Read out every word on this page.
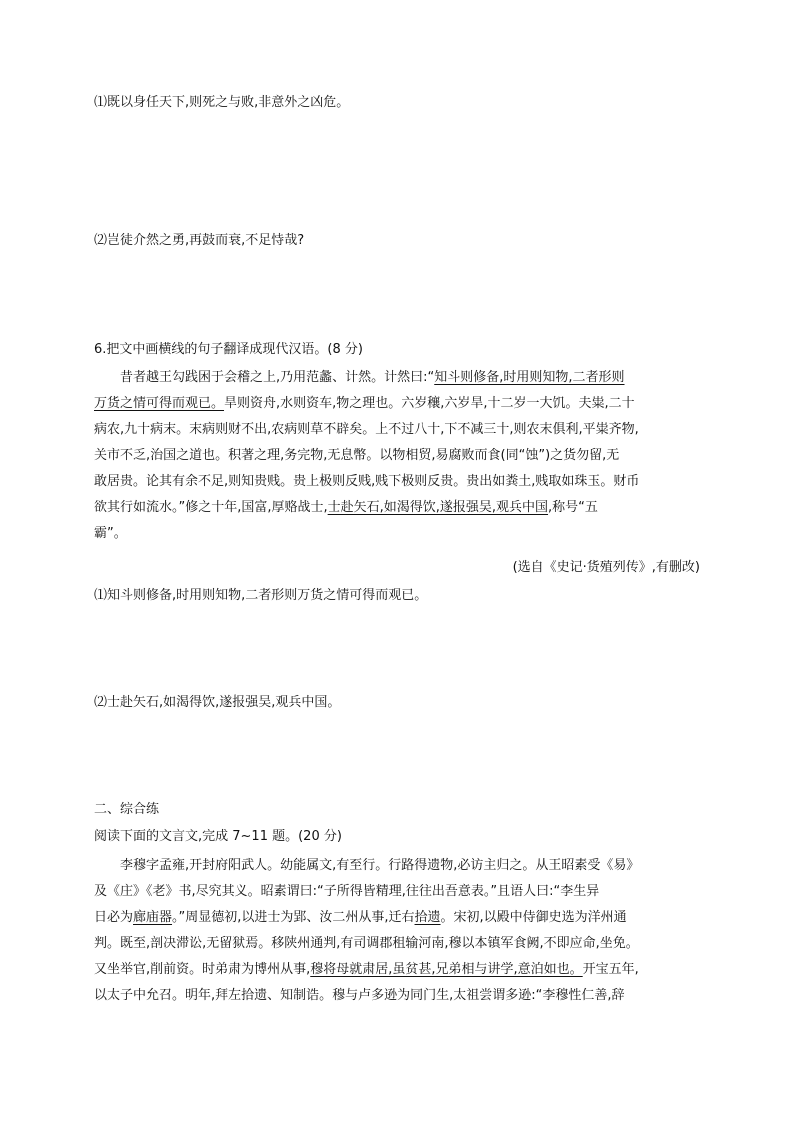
⑴既以身任天下,则死之与败,非意外之凶危。
⑵岂徒介然之勇,再鼓而衰,不足恃哉?
6.把文中画横线的句子翻译成现代汉语。(8 分)
昔者越王勾践困于会稽之上,乃用范蠡、计然。计然曰:“知斗则修备,时用则知物,二者形则
万货之情可得而观已。旱则资舟,水则资车,物之理也。六岁穰,六岁旱,十二岁一大饥。夫粜,二十
病农,九十病末。末病则财不出,农病则草不辟矣。上不过八十,下不减三十,则农末俱利,平粜齐物,
关市不乏,治国之道也。积著之理,务完物,无息幣。以物相贸,易腐败而食(同“蚀”)之货勿留,无
敢居贵。论其有余不足,则知贵贱。贵上极则反贱,贱下极则反贵。贵出如粪土,贱取如珠玉。财币
欲其行如流水。”修之十年,国富,厚赂战士,士赴矢石,如渴得饮,遂报强吴,观兵中国,称号“五
霸”。
(选自《史记·货殖列传》,有删改)
⑴知斗则修备,时用则知物,二者形则万货之情可得而观已。
⑵士赴矢石,如渴得饮,遂报强吴,观兵中国。
二、综合练
阅读下面的文言文,完成 7~11 题。(20 分)
李穆字孟雍,开封府阳武人。幼能属文,有至行。行路得遗物,必访主归之。从王昭素受《易》
及《庄》《老》书,尽究其义。昭素谓曰:“子所得皆精理,往往出吾意表。”且语人曰:“李生异
日必为廊庙器。”周显德初,以进士为郢、汝二州从事,迁右拾遗。宋初,以殿中侍御史选为洋州通
判。既至,剖决滞讼,无留狱焉。移陕州通判,有司调郡租输河南,穆以本镇军食阙,不即应命,坐免。
又坐举官,削前资。时弟肃为博州从事,穆将母就肃居,虽贫甚,兄弟相与讲学,意泊如也。开宝五年,
以太子中允召。明年,拜左拾遗、知制诰。穆与卢多逊为同门生,太祖尝谓多逊:“李穆性仁善,辞
